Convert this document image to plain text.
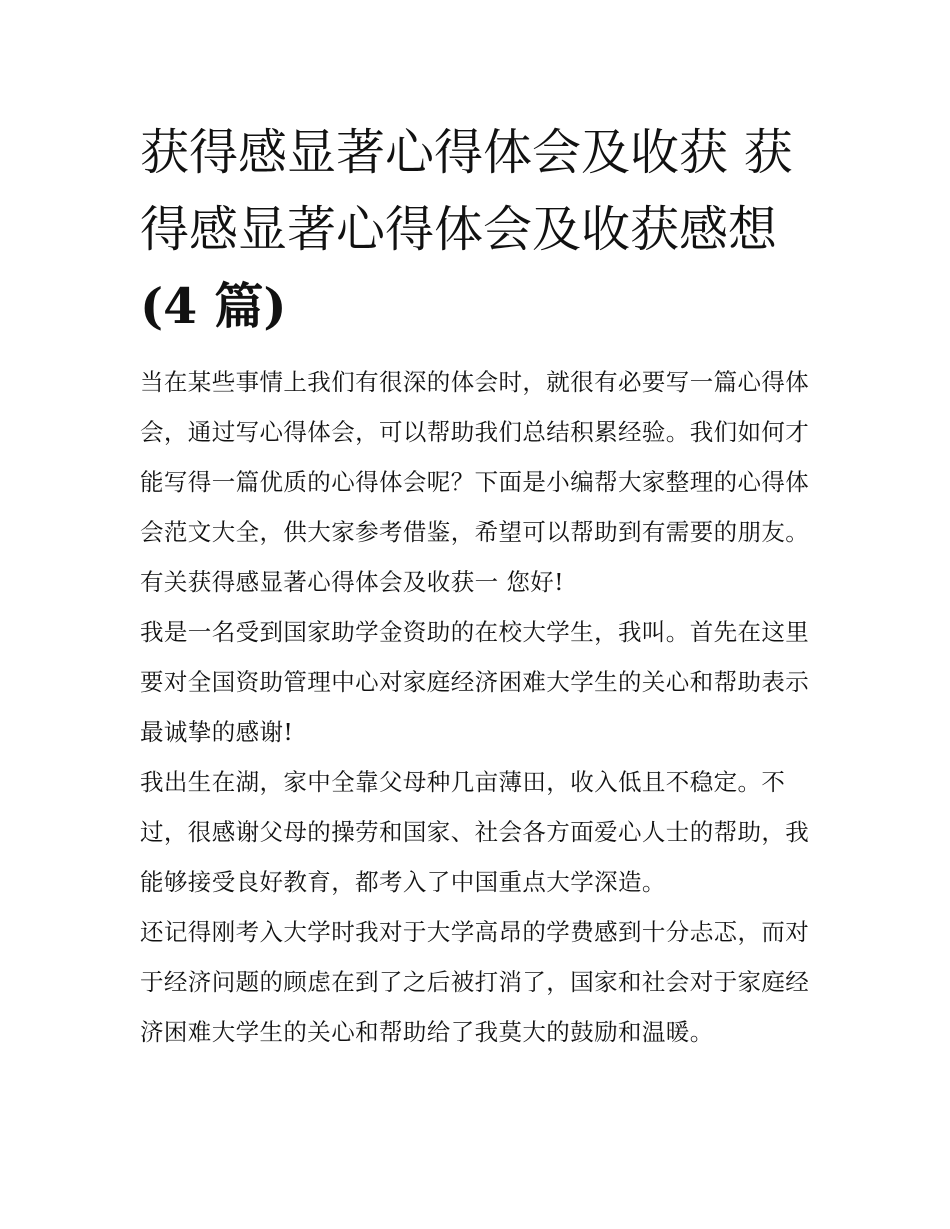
获得感显著心得体会及收获 获得感显著心得体会及收获感想(4 篇)

当在某些事情上我们有很深的体会时，就很有必要写一篇心得体会，通过写心得体会，可以帮助我们总结积累经验。我们如何才能写得一篇优质的心得体会呢？下面是小编帮大家整理的心得体会范文大全，供大家参考借鉴，希望可以帮助到有需要的朋友。

有关获得感显著心得体会及收获一 您好!

我是一名受到国家助学金资助的在校大学生，我叫。首先在这里要对全国资助管理中心对家庭经济困难大学生的关心和帮助表示最诚挚的感谢!

我出生在湖，家中全靠父母种几亩薄田，收入低且不稳定。不过，很感谢父母的操劳和国家、社会各方面爱心人士的帮助，我能够接受良好教育，都考入了中国重点大学深造。

还记得刚考入大学时我对于大学高昂的学费感到十分忐忑，而对于经济问题的顾虑在到了之后被打消了，国家和社会对于家庭经济困难大学生的关心和帮助给了我莫大的鼓励和温暖。
